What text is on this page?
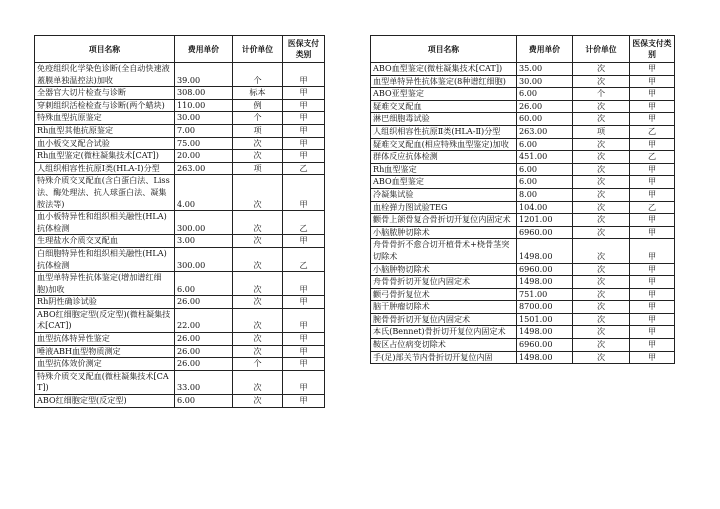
项目名称	费用单价	计价单位	医保支付类别
免疫组织化学染色诊断(全自动快速液蓋膜单独温控法)加收	39.00	个	甲
全器官大切片检查与诊断	308.00	标本	甲
穿刺组织活检检查与诊断(两个蜡块)	110.00	例	甲
特殊血型抗原鉴定	30.00	个	甲
Rh血型其他抗原鉴定	7.00	项	甲
血小板交叉配合试验	75.00	次	甲
Rh血型鉴定(微柱凝集技术[CAT])	20.00	次	甲
人组织相容性抗原Ⅰ类(HLA-Ⅰ)分型	263.00	项	乙
特殊介质交叉配血(含白蛋白法、Liss法、酶处理法、抗人球蛋白法、凝集胺法等)	4.00	次	甲
血小板特异性和组织相关融性(HLA)抗体检测	300.00	次	乙
生理盐水介质交叉配血	3.00	次	甲
白细胞特异性和组织相关融性(HLA)抗体检测	300.00	次	乙
血型单特异性抗体鉴定(增加谱红细胞)加收	6.00	次	甲
Rh阴性确诊试验	26.00	次	甲
ABO红细胞定型(反定型)(微柱凝集技术[CAT])	22.00	次	甲
血型抗体特异性鉴定	26.00	次	甲
唾液ABH血型物质测定	26.00	次	甲
血型抗体效价测定	26.00	个	甲
特殊介质交叉配血(微柱凝集技术[CAT])	33.00	次	甲
ABO红细胞定型(反定型)	6.00	次	甲
项目名称	费用单价	计价单位	医保支付类别
ABO血型鉴定(微柱凝集技术[CAT])	35.00	次	甲
血型单特异性抗体鉴定(8种谱红细胞)	30.00	次	甲
ABO亚型鉴定	6.00	个	甲
疑难交叉配血	26.00	次	甲
淋巴细胞毒试验	60.00	次	甲
人组织相容性抗原Ⅱ类(HLA-Ⅱ)分型	263.00	项	乙
疑难交叉配血(相应特殊血型鉴定)加收	6.00	次	甲
群体反应抗体检测	451.00	次	乙
Rh血型鉴定	6.00	次	甲
ABO血型鉴定	6.00	次	甲
冷凝集试验	8.00	次	甲
血栓弹力图试验TEG	104.00	次	乙
颧骨上颌骨复合骨折切开复位内固定术	1201.00	次	甲
小脑脓肿切除术	6960.00	次	甲
舟骨骨折不愈合切开植骨术+桡骨茎突切除术	1498.00	次	甲
小脑肿物切除术	6960.00	次	甲
舟骨骨折切开复位内固定术	1498.00	次	甲
颧弓骨折复位术	751.00	次	甲
脑干肿瘤切除术	8700.00	次	甲
腕骨骨折切开复位内固定术	1501.00	次	甲
本氏(Bennet)骨折切开复位内固定术	1498.00	次	甲
鞍区占位病变切除术	6960.00	次	甲
手(足)部关节内骨折切开复位内固	1498.00	次	甲
